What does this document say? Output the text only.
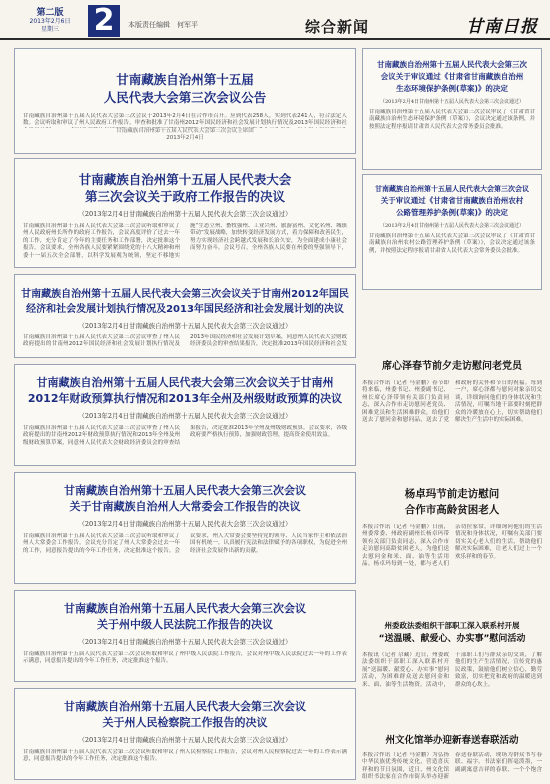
第二版
2013年2月6日
星期三	2	本版责任编辑　何军平	综合新闻	甘南日报
甘南藏族自治州第十五届
人民代表大会第三次会议公告
甘南藏族自治州第十五届人民代表大会第三次会议于2013年2月4日在合作市召开。应到代表258人，实到代表241人，符合法定人数。会议听取和审议了州人民政府工作报告，审查和批准了甘南州2012年国民经济和社会发展计划执行情况及2013年国民经济和社
甘南藏族自治州第十五届人民代表大会第三次会议主席团
2013年2月4日
甘南藏族自治州第十五届人民代表大会
第三次会议关于政府工作报告的决议
（2013年2月4日甘南藏族自治州第十五届人民代表大会第三次会议通过）
甘南藏族自治州第十五届人民代表大会第三次会议听取和审议了州人民政府州长所作的政府工作报告，会议高度评价了过去一年的工作，充分肯定了今年的主要任务和工作部署，决定批准这个报告。会议要求，全州各族人民要紧紧围绕党的十八大精神和州委十一届五次全会部署，以科学发展观为统领，坚定不移地实施“生态立州、畜牧强州、工业兴州、旅游富州、文化名州、城镇带动”发展战略，加快转变经济发展方式，着力保障和改善民生，努力实现经济社会跨越式发展和长治久安，为全面建成小康社会而努力奋斗。会议号召，全州各族人民要在州委的坚强领导下，
甘南藏族自治州第十五届人民代表大会第三次会议关于甘南州2012年国民
经济和社会发展计划执行情况及2013年国民经济和社会发展计划的决议
（2013年2月4日甘南藏族自治州第十五届人民代表大会第三次会议通过）
甘南藏族自治州第十五届人民代表大会第三次会议审查了州人民政府提出的甘南州2012年国民经济和社会发展计划执行情况及2013年国民经济和社会发展计划草案，同意州人民代表大会财政经济委员会的审查结果报告，决定批准2013年国民经济和社会发
甘南藏族自治州第十五届人民代表大会第三次会议关于甘南州
2012年财政预算执行情况和2013年全州及州级财政预算的决议
（2013年2月4日甘南藏族自治州第十五届人民代表大会第三次会议通过）
甘南藏族自治州第十五届人民代表大会第三次会议审查了州人民政府提出的甘南州2012年财政预算执行情况和2013年全州及州级财政预算草案，同意州人民代表大会财政经济委员会的审查结果报告，决定批准2013年全州及州级财政预算。会议要求，各级政府要严格执行预算，加强财政管理，提高资金使用效益。
甘南藏族自治州第十五届人民代表大会第三次会议
关于甘南藏族自治州人大常委会工作报告的决议
（2013年2月4日甘南藏族自治州第十五届人民代表大会第三次会议通过）
甘南藏族自治州第十五届人民代表大会第三次会议听取和审议了州人大常委会工作报告，会议充分肯定了州人大常委会过去一年的工作，同意报告提出的今年工作任务，决定批准这个报告。会议要求，州人大常委会要坚持党的领导、人民当家作主和依法治国有机统一，认真履行宪法和法律赋予的各项职权，为促进全州经济社会发展作出新的贡献。
甘南藏族自治州第十五届人民代表大会第三次会议
关于州中级人民法院工作报告的决议
（2013年2月4日甘南藏族自治州第十五届人民代表大会第三次会议通过）
甘南藏族自治州第十五届人民代表大会第三次会议听取和审议了州中级人民法院工作报告，会议对州中级人民法院过去一年的工作表示满意，同意报告提出的今年工作任务，决定批准这个报告。
甘南藏族自治州第十五届人民代表大会第三次会议
关于州人民检察院工作报告的决议
（2013年2月4日甘南藏族自治州第十五届人民代表大会第三次会议通过）
甘南藏族自治州第十五届人民代表大会第三次会议听取和审议了州人民检察院工作报告，会议对州人民检察院过去一年的工作表示满意，同意报告提出的今年工作任务，决定批准这个报告。
甘南藏族自治州第十五届人民代表大会第三次
会议关于审议通过《甘肃省甘南藏族自治州
生态环境保护条例(草案)》的决定
（2013年2月4日甘南州第十五届人民代表大会第三次会议通过）
甘南藏族自治州第十五届人民代表大会第三次会议审议了《甘肃省甘南藏族自治州生态环境保护条例（草案）》，会议决定通过该条例，并按照法定程序报请甘肃省人民代表大会常务委员会批准。
甘南藏族自治州第十五届人民代表大会第三次会议
关于审议通过《甘肃省甘南藏族自治州农村
公路管理养护条例(草案)》的决定
（2013年2月4日甘南州第十五届人民代表大会第三次会议通过）
甘南藏族自治州第十五届人民代表大会第三次会议审议了《甘肃省甘南藏族自治州农村公路管理养护条例（草案）》，会议决定通过该条例，并按照法定程序报请甘肃省人民代表大会常务委员会批准。
席心泽春节前夕走访慰问老党员
本报合作讯（记者 马金鹏）春节即将来临，州委书记、州委副书记、州长席心泽带领有关部门负责同志，深入合作市走访慰问老党员、困难党员和生活困难群众，给他们送去了慰问金和慰问品，送去了党和政府的关怀和节日的祝福。每到一户，席心泽都与慰问对象亲切交谈，详细询问他们的身体状况和生活情况，叮嘱当地干部要时刻把群众的冷暖放在心上，切实帮助他们解决生产生活中的实际困难。
杨卓玛节前走访慰问
合作市高龄贫困老人
本报合作讯（记者 马金鹏）日前，州委常委、州政府副州长杨卓玛带领有关部门负责同志，深入合作市走访慰问高龄贫困老人，为他们送去慰问金和米、面、油等生活用品。杨卓玛每到一处，都与老人们亲切拉家常，详细询问他们的生活情况和身体状况，叮嘱有关部门要切实关心老人们的生活，帮助他们解决实际困难，让老人们过上一个欢乐祥和的春节。
州委政法委组织干部职工深入联系村开展
“送温暖、献爱心、办实事”慰问活动
本报讯（记者 尕藏）近日，州委政法委组织干部职工深入联系村开展“送温暖、献爱心、办实事”慰问活动，为困难群众送去慰问金和米、面、油等生活物资。活动中，干部职工们与群众亲切交谈，了解他们的生产生活情况，宣传党的惠民政策，鼓励他们树立信心，勤劳致富，切实把党和政府的温暖送到群众的心坎上。
州文化馆举办迎新春送春联活动
本报合作讯（记者 马金鹏）为弘扬中华民族优秀传统文化，营造喜庆祥和的节日氛围，近日，州文化馆组织书法家在合作市街头举办迎新春送春联活动，现场为群众书写春联、福字。书法家们挥毫泼墨，一副副寓意吉祥的春联、一个个饱含
